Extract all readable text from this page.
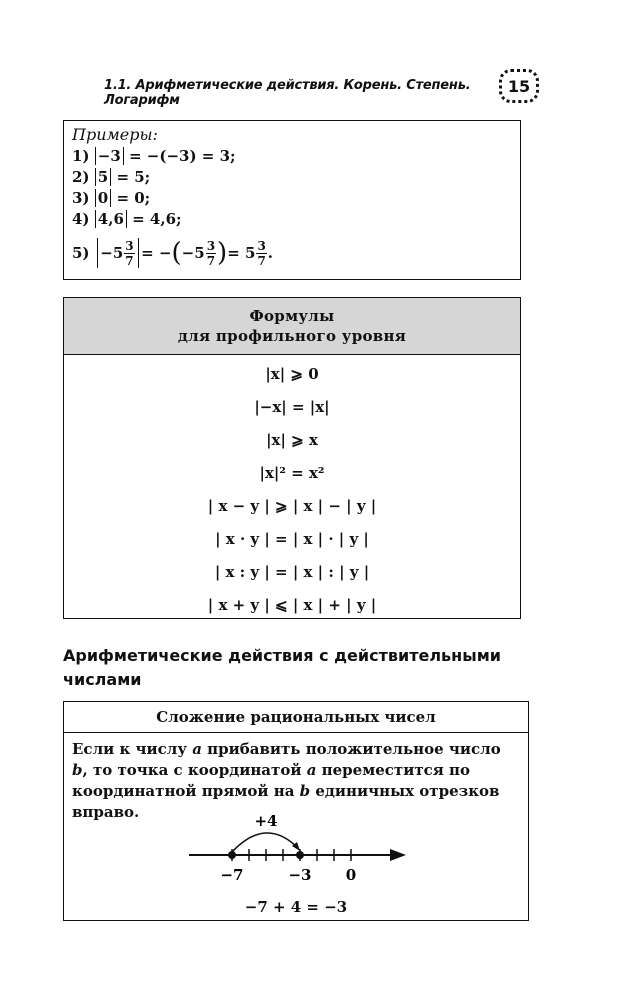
1.1. Арифметические действия. Корень. Степень. Логарифм
15
Примеры:
1) −3 = −(−3) = 3;
2) 5 = 5;
3) 0 = 0;
4) 4,6 = 4,6;
5)
$-5 \frac{3}{7}$ = − ( $-5 \frac{3}{7}$ ) = $5 \frac{3}{7}$ .
Формулы
для профильного уровня
|x| ⩾ 0
|−x| = |x|
|x| ⩾ x
|x|² = x²
| x − y | ⩾ | x | − | y |
| x · y | = | x | · | y |
| x : y | = | x | : | y |
| x + y | ⩽ | x | + | y |
Арифметические действия с действительными числами
Сложение рациональных чисел
Если к числу a прибавить положительное число b, то точка с координатой a переместится по координатной прямой на b единичных отрезков вправо.	+4
−7	−3 0
−7 + 4 = −3
